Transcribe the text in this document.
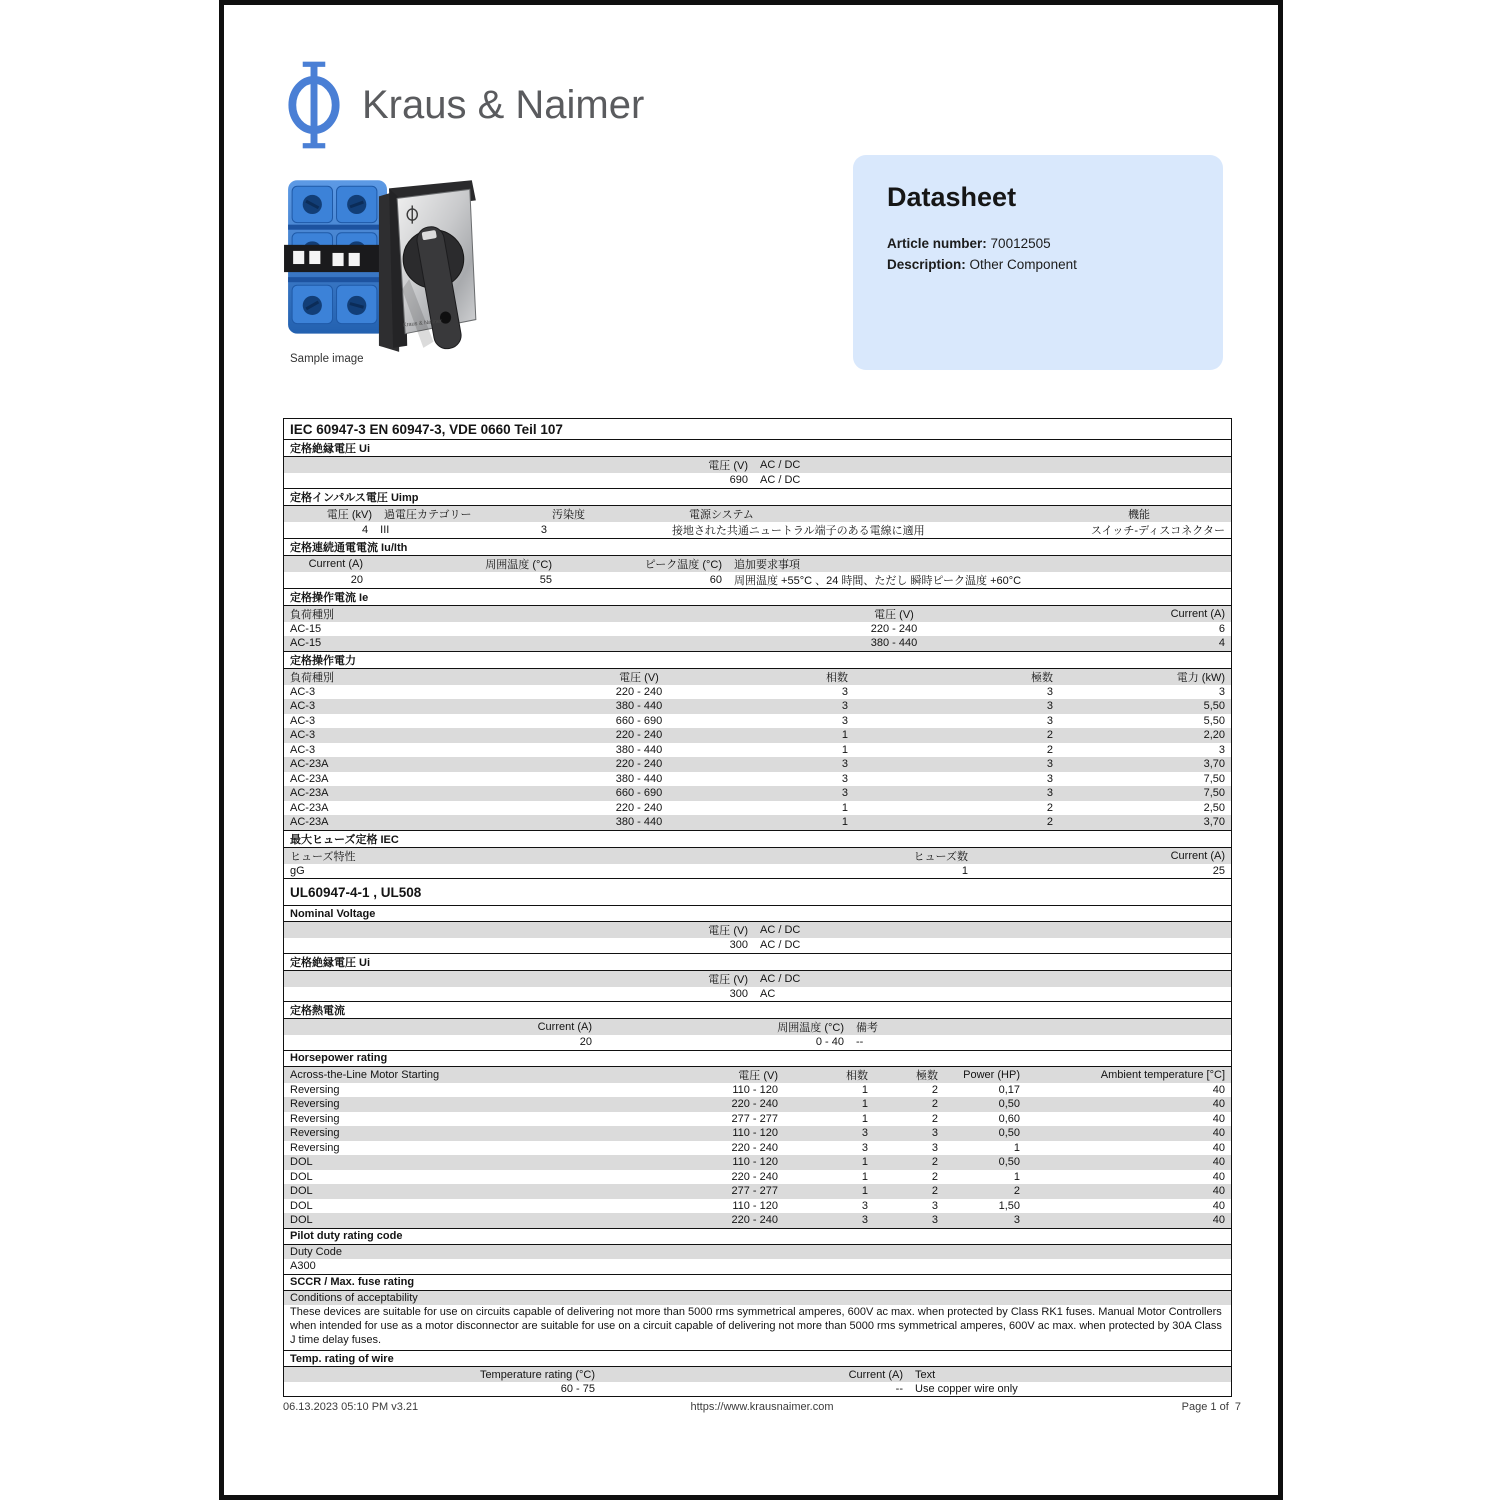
Kraus & Naimer
Kraus & Naimer
Sample image
Datasheet
Article number: 70012505
Description: Other Component
IEC 60947-3 EN 60947-3, VDE 0660 Teil 107
定格絶縁電圧 Ui
電圧 (V)	AC / DC
690	AC / DC
定格インパルス電圧 Uimp
電圧 (kV)	過電圧カテゴリー	汚染度	電源システム	機能
4	III	3	接地された共通ニュートラル端子のある電線に適用	スイッチ-ディスコネクター
定格連続通電電流 Iu/Ith
Current (A)	周囲温度 (°C)	ピーク温度 (°C)	追加要求事項
20	55	60	周囲温度 +55°C 、24 時間、ただし 瞬時ピーク温度 +60°C
定格操作電流 Ie
負荷種別	電圧 (V)	Current (A)
AC-15	220 - 240	6
AC-15	380 - 440	4
定格操作電力
負荷種別	電圧 (V)	相数	極数	電力 (kW)
AC-3	220 - 240	3	3	3
AC-3	380 - 440	3	3	5,50
AC-3	660 - 690	3	3	5,50
AC-3	220 - 240	1	2	2,20
AC-3	380 - 440	1	2	3
AC-23A	220 - 240	3	3	3,70
AC-23A	380 - 440	3	3	7,50
AC-23A	660 - 690	3	3	7,50
AC-23A	220 - 240	1	2	2,50
AC-23A	380 - 440	1	2	3,70
最大ヒューズ定格 IEC
ヒューズ特性	ヒューズ数	Current (A)
gG	1	25
UL60947-4-1 , UL508
Nominal Voltage
電圧 (V)	AC / DC
300	AC / DC
定格絶縁電圧 Ui
電圧 (V)	AC / DC
300	AC
定格熱電流
Current (A)	周囲温度 (°C)	備考
20	0 - 40	--
Horsepower rating
Across-the-Line Motor Starting	電圧 (V)	相数	極数	Power (HP)	Ambient temperature [°C]
Reversing	110 - 120	1	2	0,17	40
Reversing	220 - 240	1	2	0,50	40
Reversing	277 - 277	1	2	0,60	40
Reversing	110 - 120	3	3	0,50	40
Reversing	220 - 240	3	3	1	40
DOL	110 - 120	1	2	0,50	40
DOL	220 - 240	1	2	1	40
DOL	277 - 277	1	2	2	40
DOL	110 - 120	3	3	1,50	40
DOL	220 - 240	3	3	3	40
Pilot duty rating code
Duty Code
A300
SCCR / Max. fuse rating
Conditions of acceptability
These devices are suitable for use on circuits capable of delivering not more than 5000 rms symmetrical amperes, 600V ac max. when protected by Class RK1 fuses. Manual Motor Controllers when intended for use as a motor disconnector are suitable for use on a circuit capable of delivering not more than 5000 rms symmetrical amperes, 600V ac max. when protected by 30A Class J time delay fuses.
Temp. rating of wire
Temperature rating (°C)	Current (A)	Text
60 - 75	--	Use copper wire only
06.13.2023 05:10 PM v3.21	https://www.krausnaimer.com	Page 1 of  7
